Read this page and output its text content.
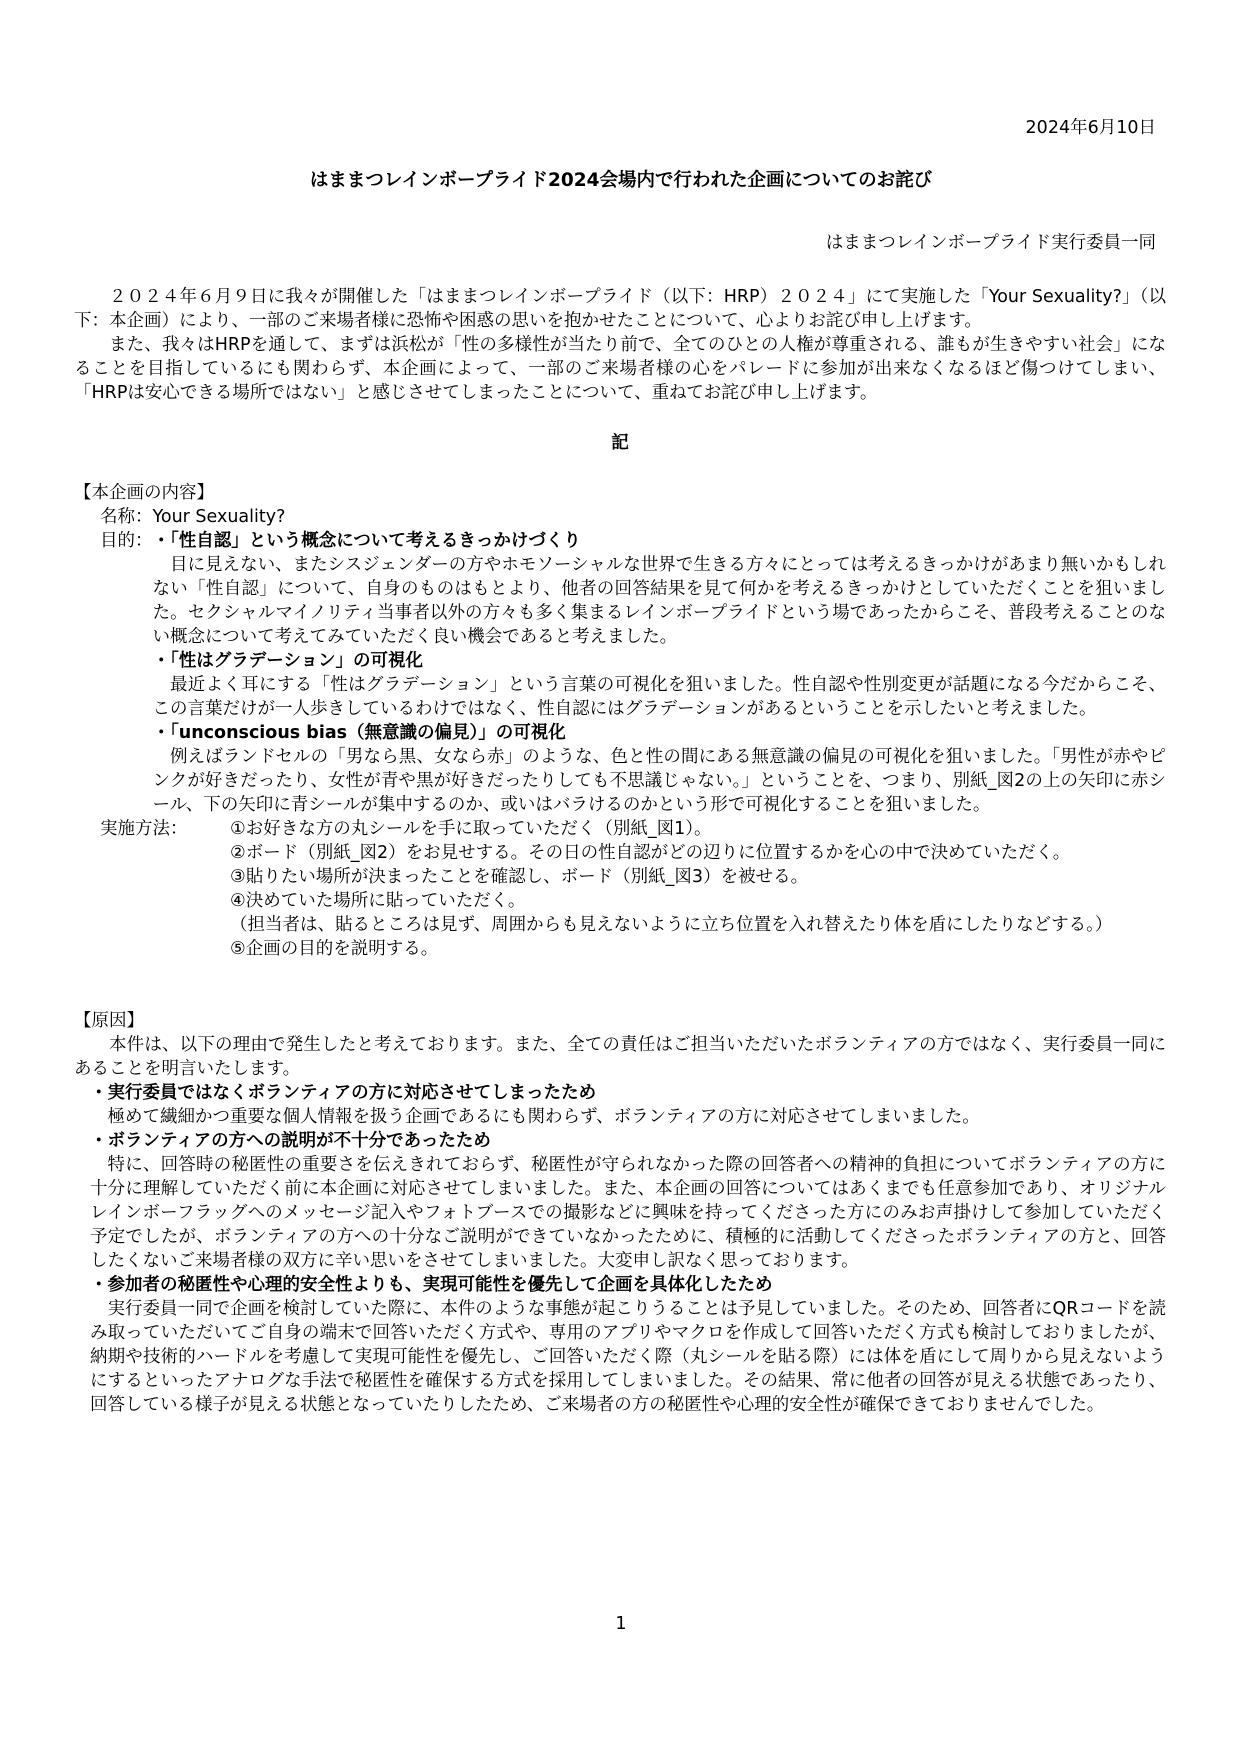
2024年6月10日
はままつレインボープライド2024会場内で行われた企画についてのお詫び
はままつレインボープライド実行委員一同

２０２４年６月９日に我々が開催した「はままつレインボープライド（以下：HRP）２０２４」にて実施した「Your Sexuality?」（以下：本企画）により、一部のご来場者様に恐怖や困惑の思いを抱かせたことについて、心よりお詫び申し上げます。

また、我々はHRPを通して、まずは浜松が「性の多様性が当たり前で、全てのひとの人権が尊重される、誰もが生きやすい社会」になることを目指しているにも関わらず、本企画によって、一部のご来場者様の心をパレードに参加が出来なくなるほど傷つけてしまい、「HRPは安心できる場所ではない」と感じさせてしまったことについて、重ねてお詫び申し上げます。

記
【本企画の内容】
名称：Your Sexuality?
目的： ・「性自認」という概念について考えるきっかけづくり

目に見えない、またシスジェンダーの方やホモソーシャルな世界で生きる方々にとっては考えるきっかけがあまり無いかもしれない「性自認」について、自身のものはもとより、他者の回答結果を見て何かを考えるきっかけとしていただくことを狙いました。セクシャルマイノリティ当事者以外の方々も多く集まるレインボープライドという場であったからこそ、普段考えることのない概念について考えてみていただく良い機会であると考えました。

・「性はグラデーション」の可視化

最近よく耳にする「性はグラデーション」という言葉の可視化を狙いました。性自認や性別変更が話題になる今だからこそ、この言葉だけが一人歩きしているわけではなく、性自認にはグラデーションがあるということを示したいと考えました。

・「unconscious bias（無意識の偏見）」の可視化

例えばランドセルの「男なら黒、女なら赤」のような、色と性の間にある無意識の偏見の可視化を狙いました。「男性が赤やピンクが好きだったり、女性が青や黒が好きだったりしても不思議じゃない。」ということを、つまり、別紙_図2の上の矢印に赤シール、下の矢印に青シールが集中するのか、或いはバラけるのかという形で可視化することを狙いました。

実施方法：	①お好きな方の丸シールを手に取っていただく（別紙_図1）。

②ボード（別紙_図2）をお見せする。その日の性自認がどの辺りに位置するかを心の中で決めていただく。

③貼りたい場所が決まったことを確認し、ボード（別紙_図3）を被せる。

④決めていた場所に貼っていただく。

（担当者は、貼るところは見ず、周囲からも見えないように立ち位置を入れ替えたり体を盾にしたりなどする。）

⑤企画の目的を説明する。

【原因】

本件は、以下の理由で発生したと考えております。また、全ての責任はご担当いただいたボランティアの方ではなく、実行委員一同にあることを明言いたします。

・実行委員ではなくボランティアの方に対応させてしまったため

極めて繊細かつ重要な個人情報を扱う企画であるにも関わらず、ボランティアの方に対応させてしまいました。

・ボランティアの方への説明が不十分であったため

特に、回答時の秘匿性の重要さを伝えきれておらず、秘匿性が守られなかった際の回答者への精神的負担についてボランティアの方に十分に理解していただく前に本企画に対応させてしまいました。また、本企画の回答についてはあくまでも任意参加であり、オリジナルレインボーフラッグへのメッセージ記入やフォトブースでの撮影などに興味を持ってくださった方にのみお声掛けして参加していただく予定でしたが、ボランティアの方への十分なご説明ができていなかったために、積極的に活動してくださったボランティアの方と、回答したくないご来場者様の双方に辛い思いをさせてしまいました。大変申し訳なく思っております。

・参加者の秘匿性や心理的安全性よりも、実現可能性を優先して企画を具体化したため

実行委員一同で企画を検討していた際に、本件のような事態が起こりうることは予見していました。そのため、回答者にQRコードを読み取っていただいてご自身の端末で回答いただく方式や、専用のアプリやマクロを作成して回答いただく方式も検討しておりましたが、納期や技術的ハードルを考慮して実現可能性を優先し、ご回答いただく際（丸シールを貼る際）には体を盾にして周りから見えないようにするといったアナログな手法で秘匿性を確保する方式を採用してしまいました。その結果、常に他者の回答が見える状態であったり、回答している様子が見える状態となっていたりしたため、ご来場者の方の秘匿性や心理的安全性が確保できておりませんでした。

1
